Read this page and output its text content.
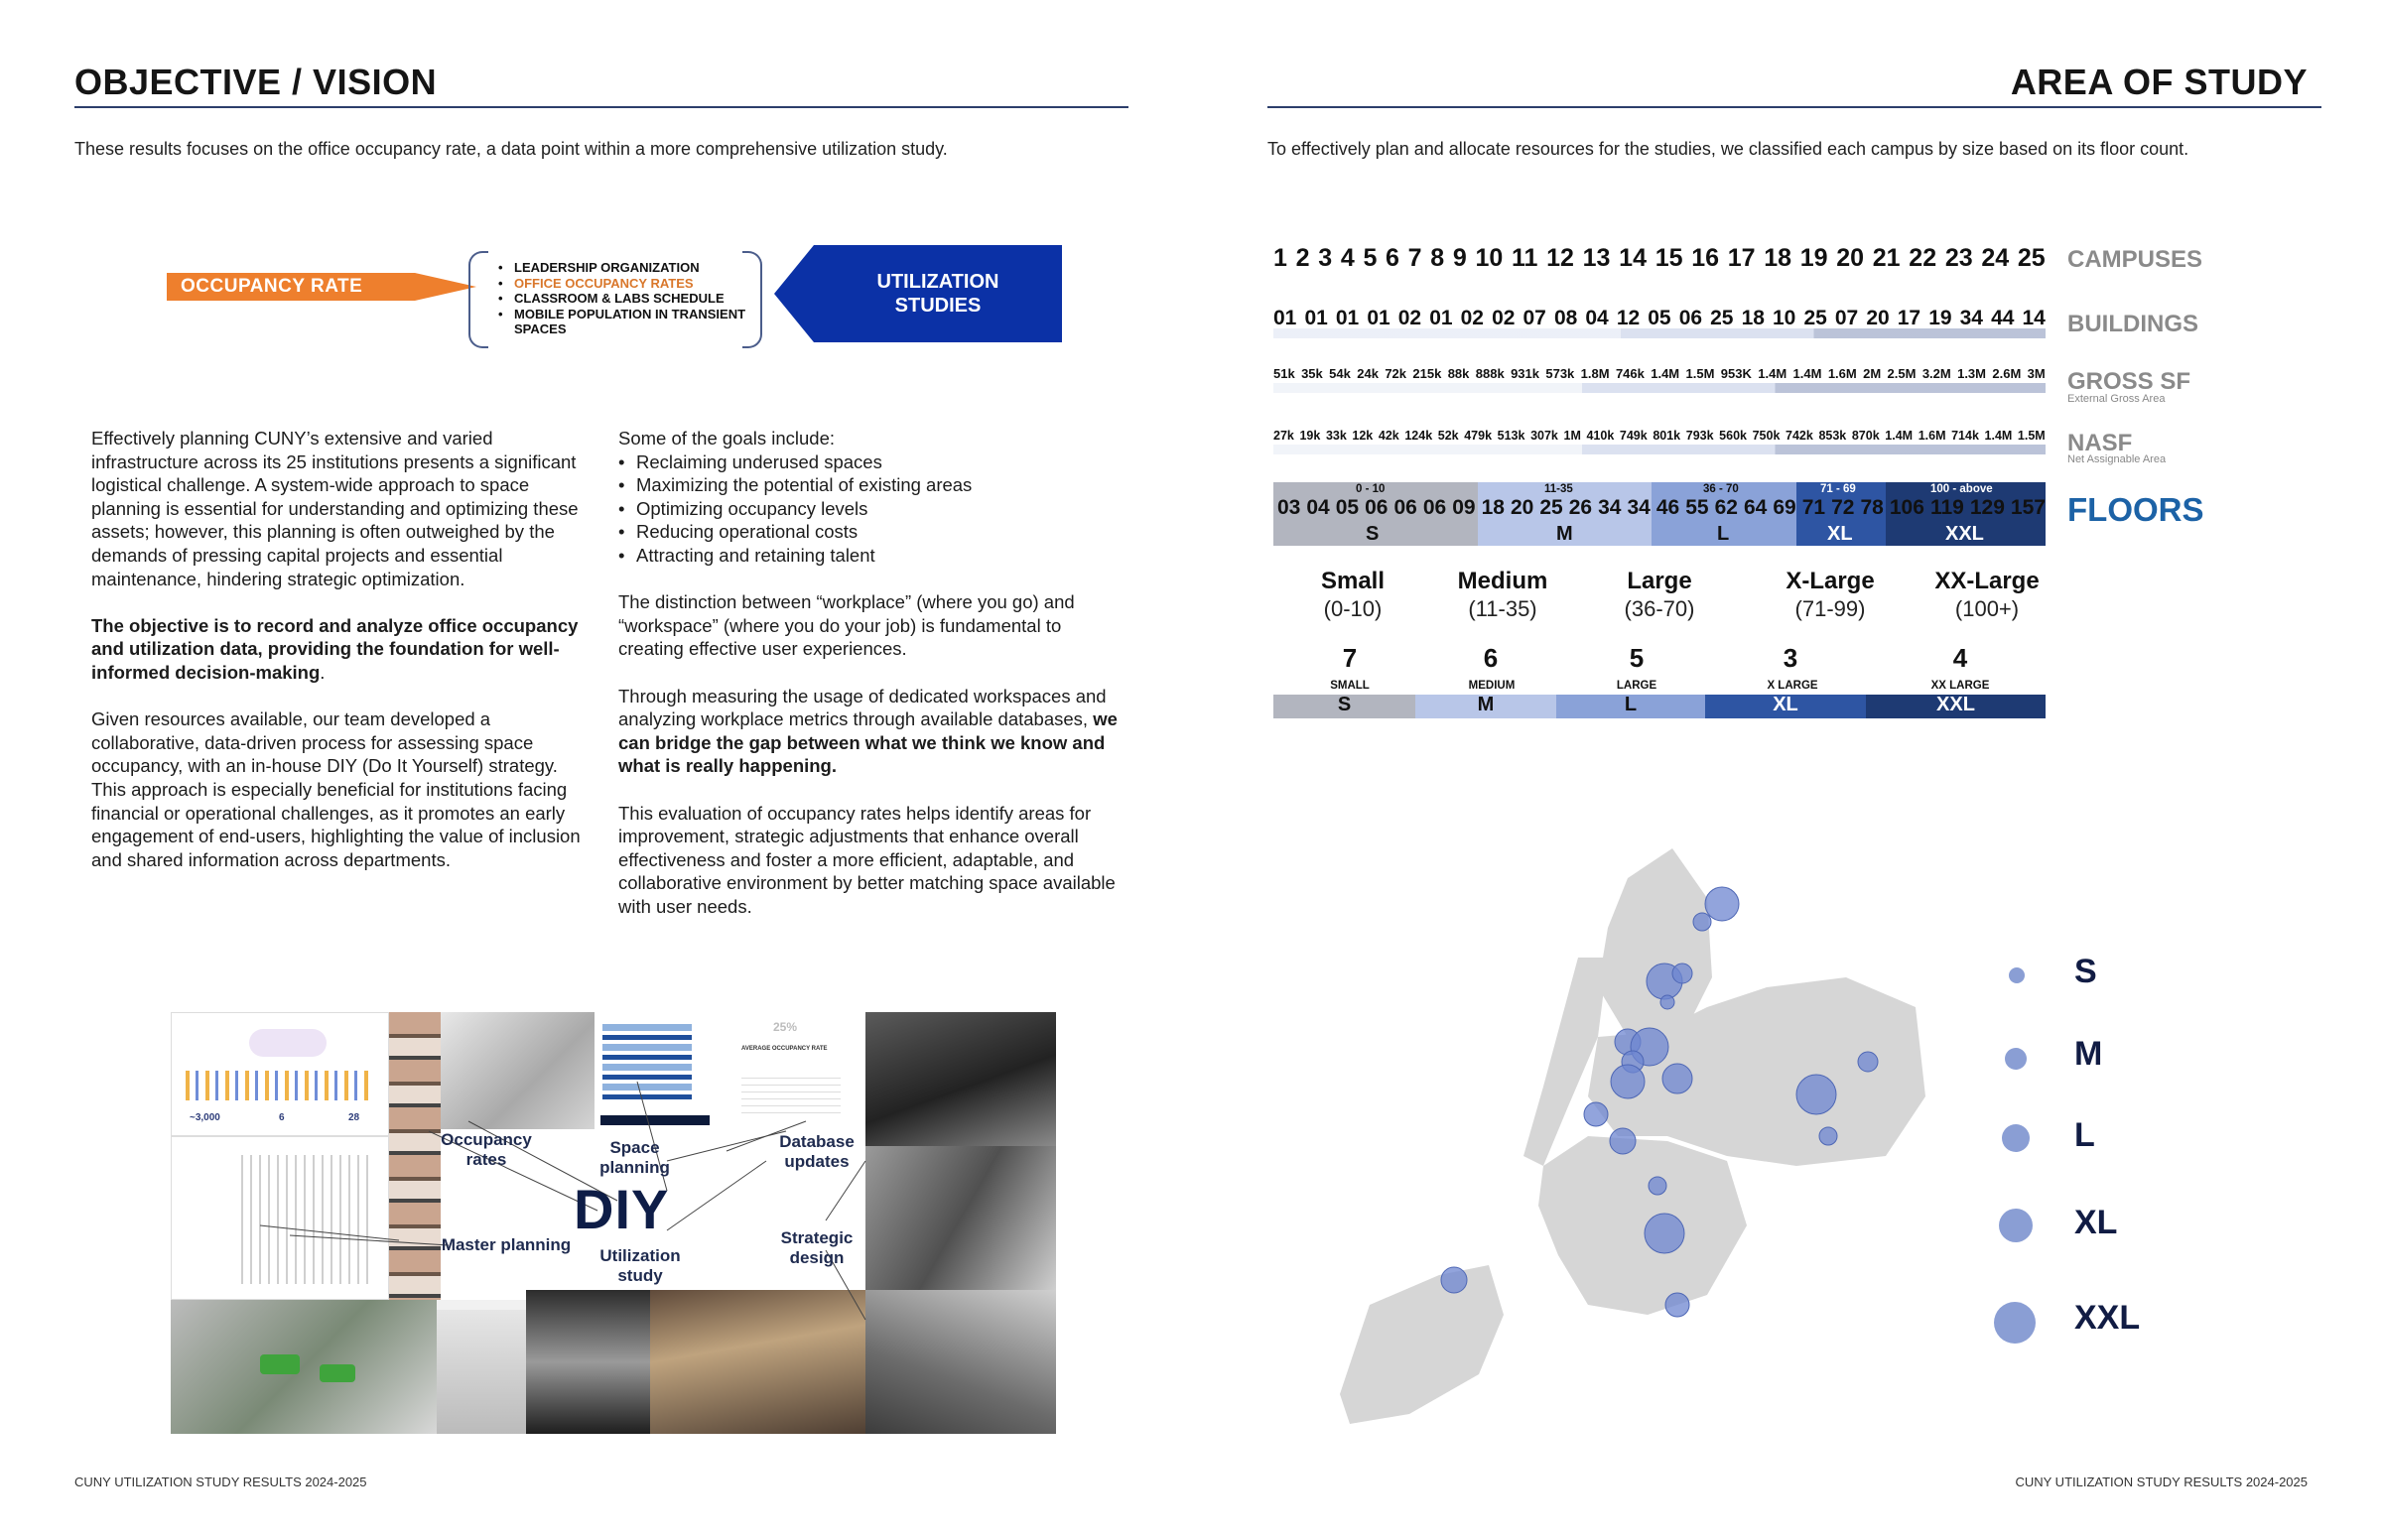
OBJECTIVE / VISION
These results focuses on the office occupancy rate, a data point within a more comprehensive utilization study.
OCCUPANCY RATE
• LEADERSHIP ORGANIZATION
• OFFICE OCCUPANCY RATES
• CLASSROOM & LABS SCHEDULE
• MOBILE POPULATION IN TRANSIENT SPACES
UTILIZATION
STUDIES

Effectively planning CUNY’s extensive and varied infrastructure across its 25 institutions presents a significant logistical challenge. A system-wide approach to space planning is essential for understanding and optimizing these assets; however, this planning is often outweighed by the demands of pressing capital projects and essential maintenance, hindering strategic optimization.

The objective is to record and analyze office occupancy and utilization data, providing the foundation for well-informed decision-making.

Given resources available, our team developed a collaborative, data-driven process for assessing space occupancy, with an in-house DIY (Do It Yourself) strategy. This approach is especially beneficial for institutions facing financial or operational challenges, as it promotes an early engagement of end-users, highlighting the value of inclusion and shared information across departments.

Some of the goals include:
• Reclaiming underused spaces
• Maximizing the potential of existing areas
• Optimizing occupancy levels
• Reducing operational costs
• Attracting and retaining talent

The distinction between “workplace” (where you go) and “workspace” (where you do your job) is fundamental to creating effective user experiences.

Through measuring the usage of dedicated workspaces and analyzing workplace metrics through available databases, we can bridge the gap between what we think we know and what is really happening.

This evaluation of occupancy rates helps identify areas for improvement, strategic adjustments that enhance overall effectiveness and foster a more efficient, adaptable, and collaborative environment by better matching space available with user needs.

~3,000	6	28
25%
AVERAGE OCCUPANCY RATE
DIY
Occupancy rates
Space planning
Database updates
Master planning
Utilization study
Strategic design
CUNY UTILIZATION STUDY RESULTS 2024-2025
AREA OF STUDY
To effectively plan and allocate resources for the studies, we classified each campus by size based on its floor count.
1 2 3 4 5 6 7 8 9 10 11 12 13 14 15 16 17 18 19 20 21 22 23 24 25 CAMPUSES
01 01 01 01 02 01 02 02 07 08 04 12 05 06 25 18 10 25 07 20 17 19 34 44 14 BUILDINGS
51k 35k 54k 24k 72k 215k 88k 888k 931k 573k 1.8M 746k 1.4M 1.5M 953K 1.4M 1.4M 1.6M 2M 2.5M 3.2M 1.3M 2.6M 3M GROSS SF
External Gross Area
27k 19k 33k 12k 42k 124k 52k 479k 513k 307k 1M 410k 749k 801k 793k 560k 750k 742k 853k 870k 1.4M 1.6M 714k 1.4M 1.5M NASF
Net Assignable Area
0 - 10	11-35	36 - 70	71 - 69	100 - above
03 04 05 06 06 06 09 18 20 25 26 34 34 46 55 62 64 69 71 72 78 106 119 129 157
S	M	L	XL	XXL
FLOORS
Small	Medium	Large	X-Large	XX-Large
(0-10)	(11-35)	(36-70)	(71-99)	(100+)
7	6	5	3	4
SMALL	MEDIUM	LARGE	X LARGE	XX LARGE
S	M	L	XL	XXL
S
M
L
XL
XXL
CUNY UTILIZATION STUDY RESULTS 2024-2025
